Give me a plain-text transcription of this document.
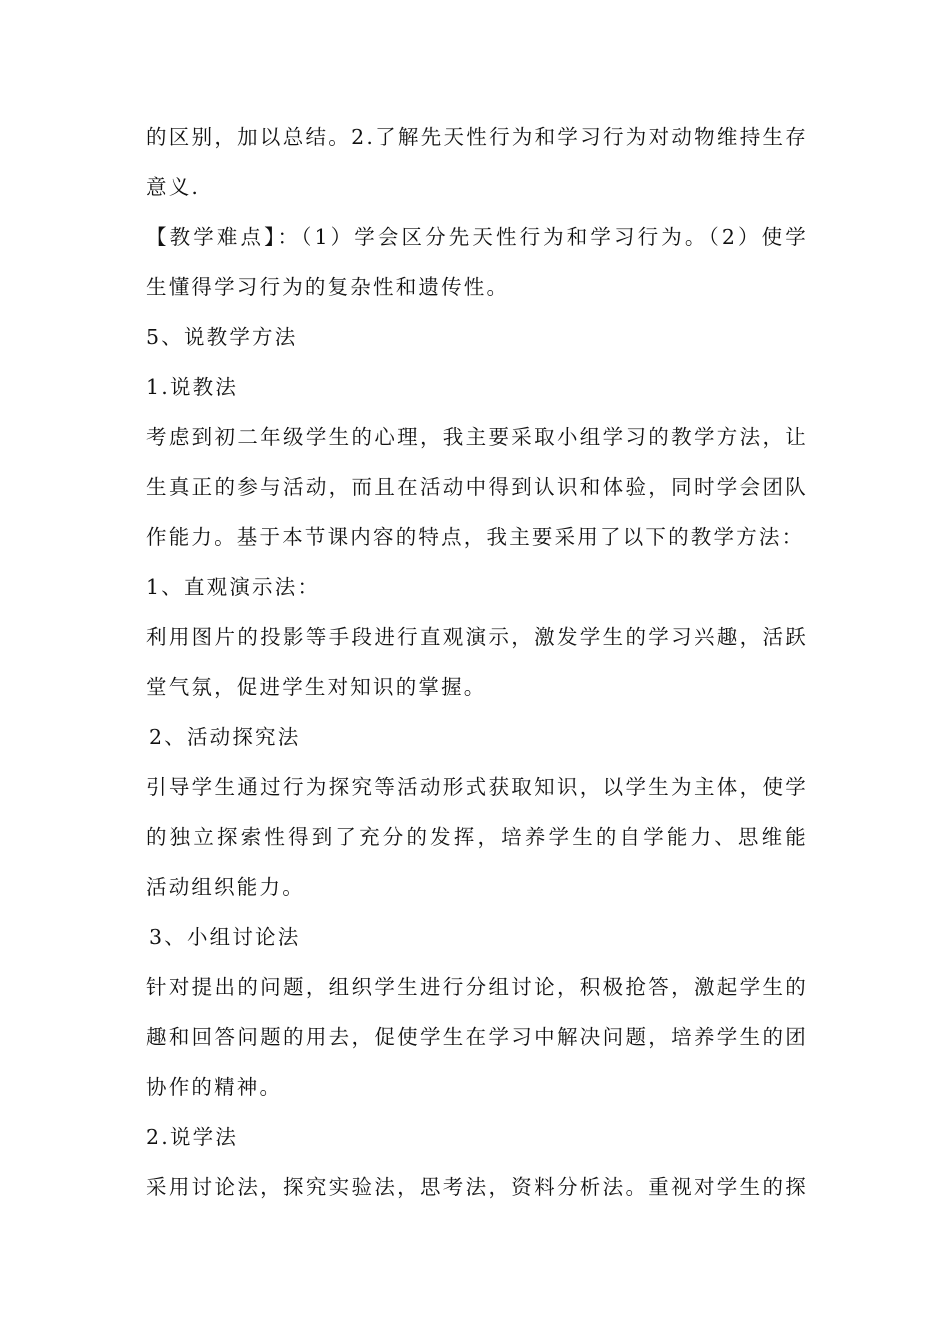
的区别，加以总结。2.了解先天性行为和学习行为对动物维持生存
意义.
【教学难点】：（1）学会区分先天性行为和学习行为。（2）使学
生懂得学习行为的复杂性和遗传性。
5、说教学方法
1.说教法
考虑到初二年级学生的心理，我主要采取小组学习的教学方法，让
生真正的参与活动，而且在活动中得到认识和体验，同时学会团队
作能力。基于本节课内容的特点，我主要采用了以下的教学方法：
1、直观演示法：
利用图片的投影等手段进行直观演示，激发学生的学习兴趣，活跃
堂气氛，促进学生对知识的掌握。
2、活动探究法
引导学生通过行为探究等活动形式获取知识，以学生为主体，使学
的独立探索性得到了充分的发挥，培养学生的自学能力、思维能
活动组织能力。
3、小组讨论法
针对提出的问题，组织学生进行分组讨论，积极抢答，激起学生的
趣和回答问题的用去，促使学生在学习中解决问题，培养学生的团
协作的精神。
2.说学法
采用讨论法，探究实验法，思考法，资料分析法。重视对学生的探
